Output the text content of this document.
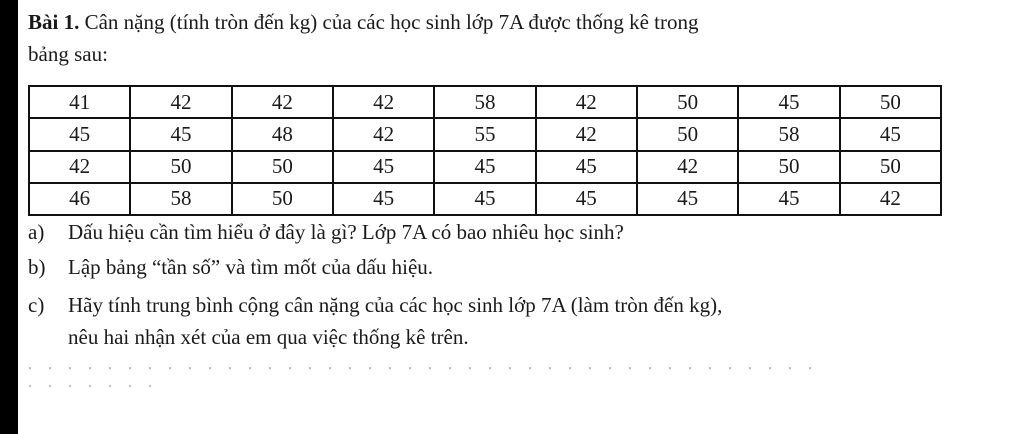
Bài 1. Cân nặng (tính tròn đến kg) của các học sinh lớp 7A được thống kê trong
bảng sau:
41	42	42	42	58	42	50	45	50
45	45	48	42	55	42	50	58	45
42	50	50	45	45	45	42	50	50
46	58	50	45	45	45	45	45	42
a) Dấu hiệu cần tìm hiểu ở đây là gì? Lớp 7A có bao nhiêu học sinh?
b) Lập bảng “tần số” và tìm mốt của dấu hiệu.
c) Hãy tính trung bình cộng cân nặng của các học sinh lớp 7A (làm tròn đến kg),
nêu hai nhận xét của em qua việc thống kê trên.
. . . . . . . . . . . . . . . . . . . . . . . . . . . . . . . . . . . . . . . . . . . . . . .
